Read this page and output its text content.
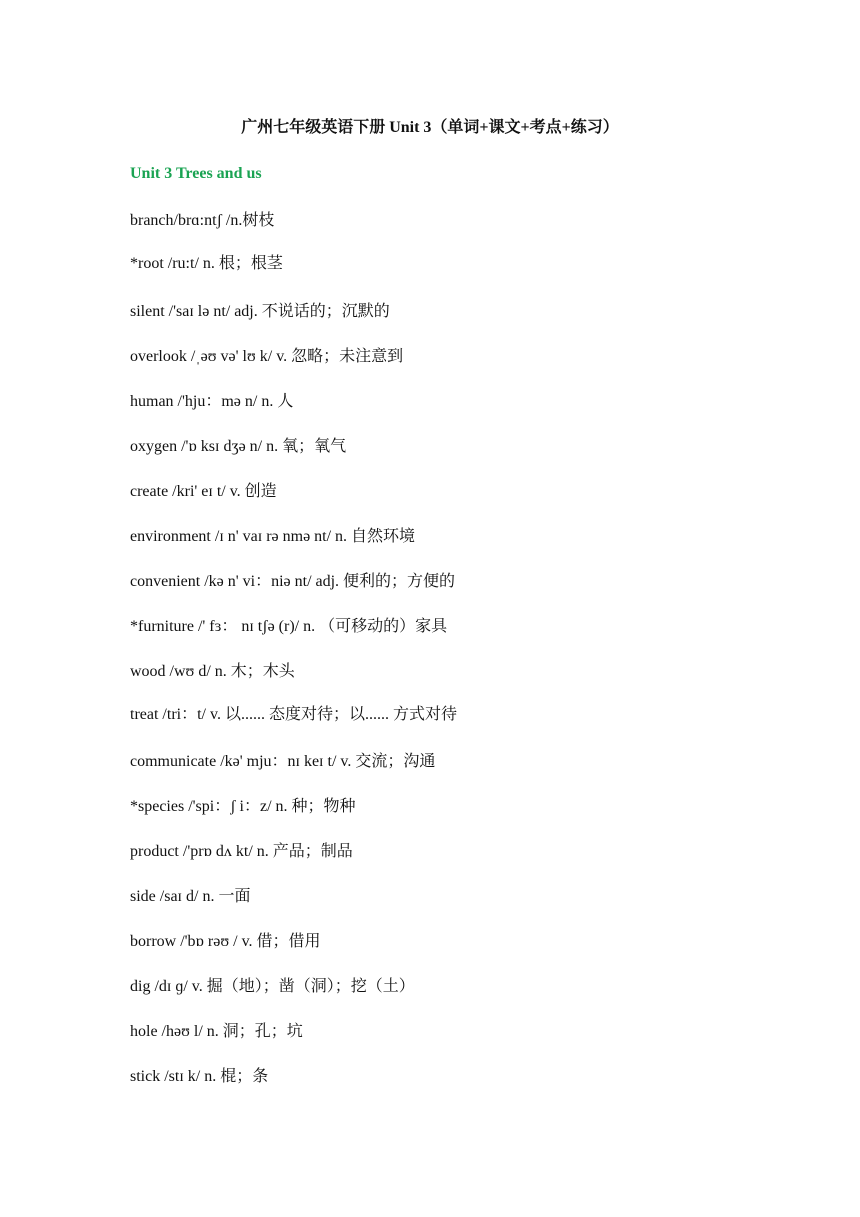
广州七年级英语下册 Unit 3（单词+课文+考点+练习）
Unit 3 Trees and us
branch/brɑ:ntʃ /n.树枝
*root /ru:t/ n. 根；根茎
silent /'saɪ lə nt/ adj. 不说话的；沉默的
overlook /ˌəʊ və' lʊ k/ v. 忽略；未注意到
human /'hju：mə n/ n. 人
oxygen /'ɒ ksɪ dʒə n/ n. 氧；氧气
create /kri' eɪ t/ v. 创造
environment /ɪ n' vaɪ rə nmə nt/ n. 自然环境
convenient /kə n' vi：niə nt/ adj. 便利的；方便的
*furniture /' fɜ： nɪ tʃə (r)/ n. （可移动的）家具
wood /wʊ d/ n. 木；木头
treat /tri：t/ v. 以...... 态度对待；以...... 方式对待
communicate /kə' mju：nɪ keɪ t/ v. 交流；沟通
*species /'spi：ʃ i：z/ n. 种；物种
product /'prɒ dʌ kt/ n. 产品；制品
side /saɪ d/ n. 一面
borrow /'bɒ rəʊ / v. 借；借用
dig /dɪ ɡ/ v. 掘（地）；凿（洞）；挖（土）
hole /həʊ l/ n. 洞；孔；坑
stick /stɪ k/ n. 棍；条
